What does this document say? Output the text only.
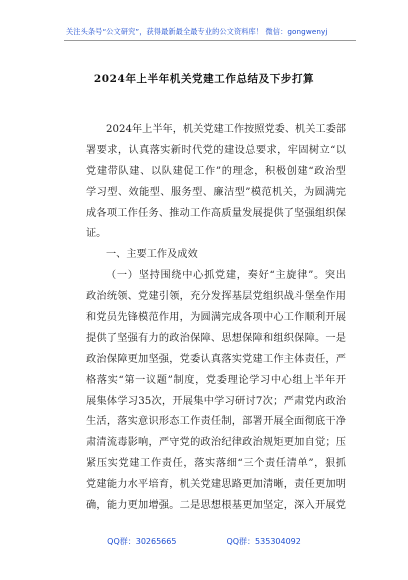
关注头条号“公文研究”，获得最新最全最专业的公文资料库！ 微信：gongwenyj
2024年上半年机关党建工作总结及下步打算
2024年上半年，机关党建工作按照党委、机关工委部
署要求，认真落实新时代党的建设总要求，牢固树立“以
党建带队建、以队建促工作”的理念，积极创建“政治型
学习型、效能型、服务型、廉洁型”模范机关，为圆满完
成各项工作任务、推动工作高质量发展提供了坚强组织保
证。
一、主要工作及成效
（一）坚持围绕中心抓党建，奏好“主旋律”。突出
政治统领、党建引领，充分发挥基层党组织战斗堡垒作用
和党员先锋模范作用，为圆满完成各项中心工作顺利开展
提供了坚强有力的政治保障、思想保障和组织保障。一是
政治保障更加坚强，党委认真落实党建工作主体责任，严
格落实“第一议题”制度，党委理论学习中心组上半年开
展集体学习35次，开展集中学习研讨7次；严肃党内政治
生活，落实意识形态工作责任制，部署开展全面彻底干净
肃清流毒影响，严守党的政治纪律政治规矩更加自觉；压
紧压实党建工作责任，落实落细“三个责任清单”，狠抓
党建能力水平培育，机关党建思路更加清晰，责任更加明
确，能力更加增强。二是思想根基更加坚定，深入开展党
QQ群：30265665	QQ群：535304092
